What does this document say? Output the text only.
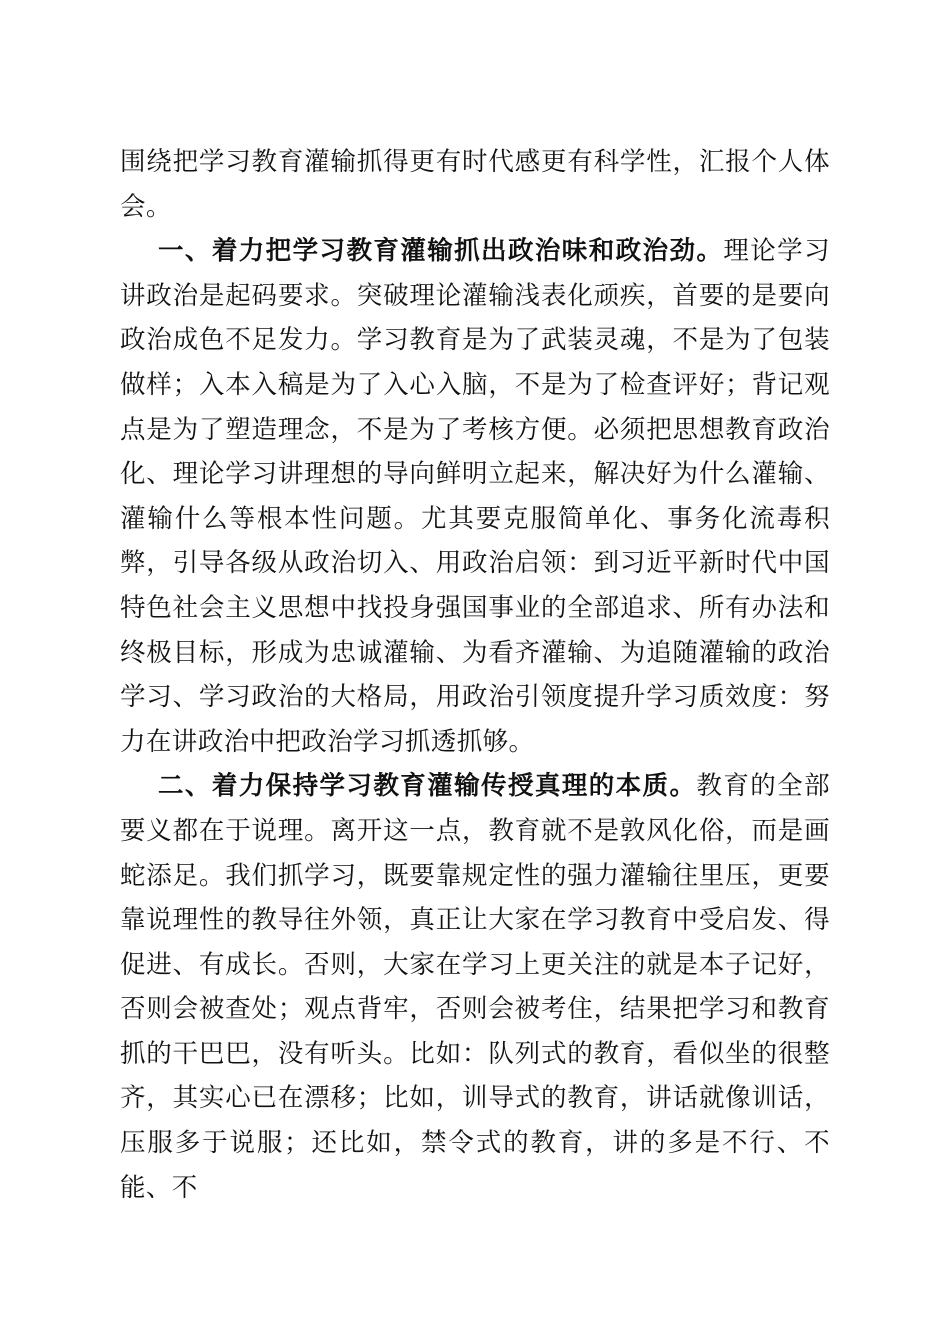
围绕把学习教育灌输抓得更有时代感更有科学性，汇报个人体会。

一、着力把学习教育灌输抓出政治味和政治劲。理论学习讲政治是起码要求。突破理论灌输浅表化顽疾，首要的是要向政治成色不足发力。学习教育是为了武装灵魂，不是为了包装做样；入本入稿是为了入心入脑，不是为了检查评好；背记观点是为了塑造理念，不是为了考核方便。必须把思想教育政治化、理论学习讲理想的导向鲜明立起来，解决好为什么灌输、灌输什么等根本性问题。尤其要克服简单化、事务化流毒积弊，引导各级从政治切入、用政治启领：到习近平新时代中国特色社会主义思想中找投身强国事业的全部追求、所有办法和终极目标，形成为忠诚灌输、为看齐灌输、为追随灌输的政治学习、学习政治的大格局，用政治引领度提升学习质效度：努力在讲政治中把政治学习抓透抓够。

二、着力保持学习教育灌输传授真理的本质。教育的全部要义都在于说理。离开这一点，教育就不是敦风化俗，而是画蛇添足。我们抓学习，既要靠规定性的强力灌输往里压，更要靠说理性的教导往外领，真正让大家在学习教育中受启发、得促进、有成长。否则，大家在学习上更关注的就是本子记好，否则会被查处；观点背牢，否则会被考住，结果把学习和教育抓的干巴巴，没有听头。比如：队列式的教育，看似坐的很整齐，其实心已在漂移；比如，训导式的教育，讲话就像训话，压服多于说服；还比如，禁令式的教育，讲的多是不行、不能、不
